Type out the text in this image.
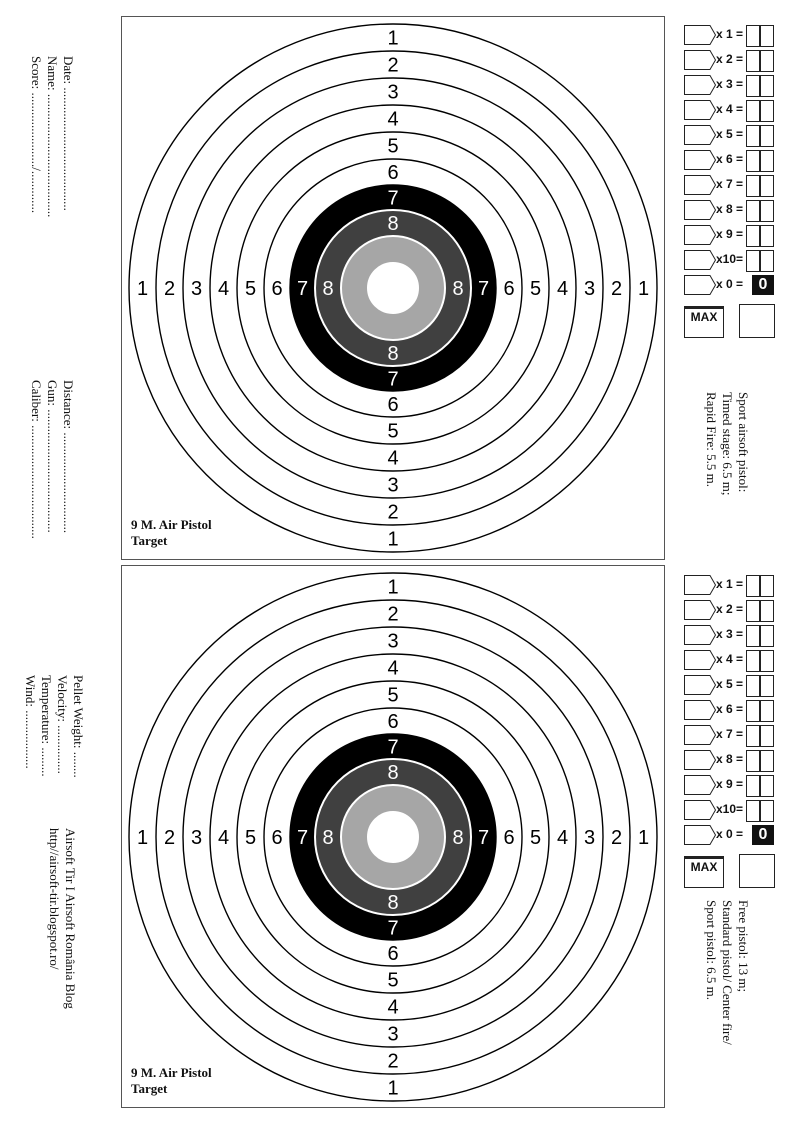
Date: ......................................
Name: ......................................
Score: ......................./.............
Distance: ...............................
Gun: ......................................
Caliber: ...................................
Pellet Weight: ........
Velocity: ...............
Temperature: .........
Wind: ..................
Airsoft Tir I Airsoft România Blog
http//airsoft-tir.blogspot.ro/
1
1
1	1
2
2
2	2
3
3
3	3
4
4
4	4
5
5
5	5
6
6
6	6
7
7
7	7
8
8
8	8
9 M. Air Pistol
Target
1
1
1	1
2
2
2	2
3
3
3	3
4
4
4	4
5
5
5	5
6
6
6	6
7
7
7	7
8
8
8	8
9 M. Air Pistol
Target
x 1 =
x 2 =
x 3 =
x 4 =
x 5 =
x 6 =
x 7 =
x 8 =
x 9 =
x10=
x 0 = 0
MAX
x 1 =
x 2 =
x 3 =
x 4 =
x 5 =
x 6 =
x 7 =
x 8 =
x 9 =
x10=
x 0 = 0
MAX
Sport airsoft pistol:
Timed stage: 6.5 m;
Rapid Fire: 5.5 m.
Free pistol: 13 m;
Standard pistol/ Center fire/
Sport pistol: 6.5 m.
